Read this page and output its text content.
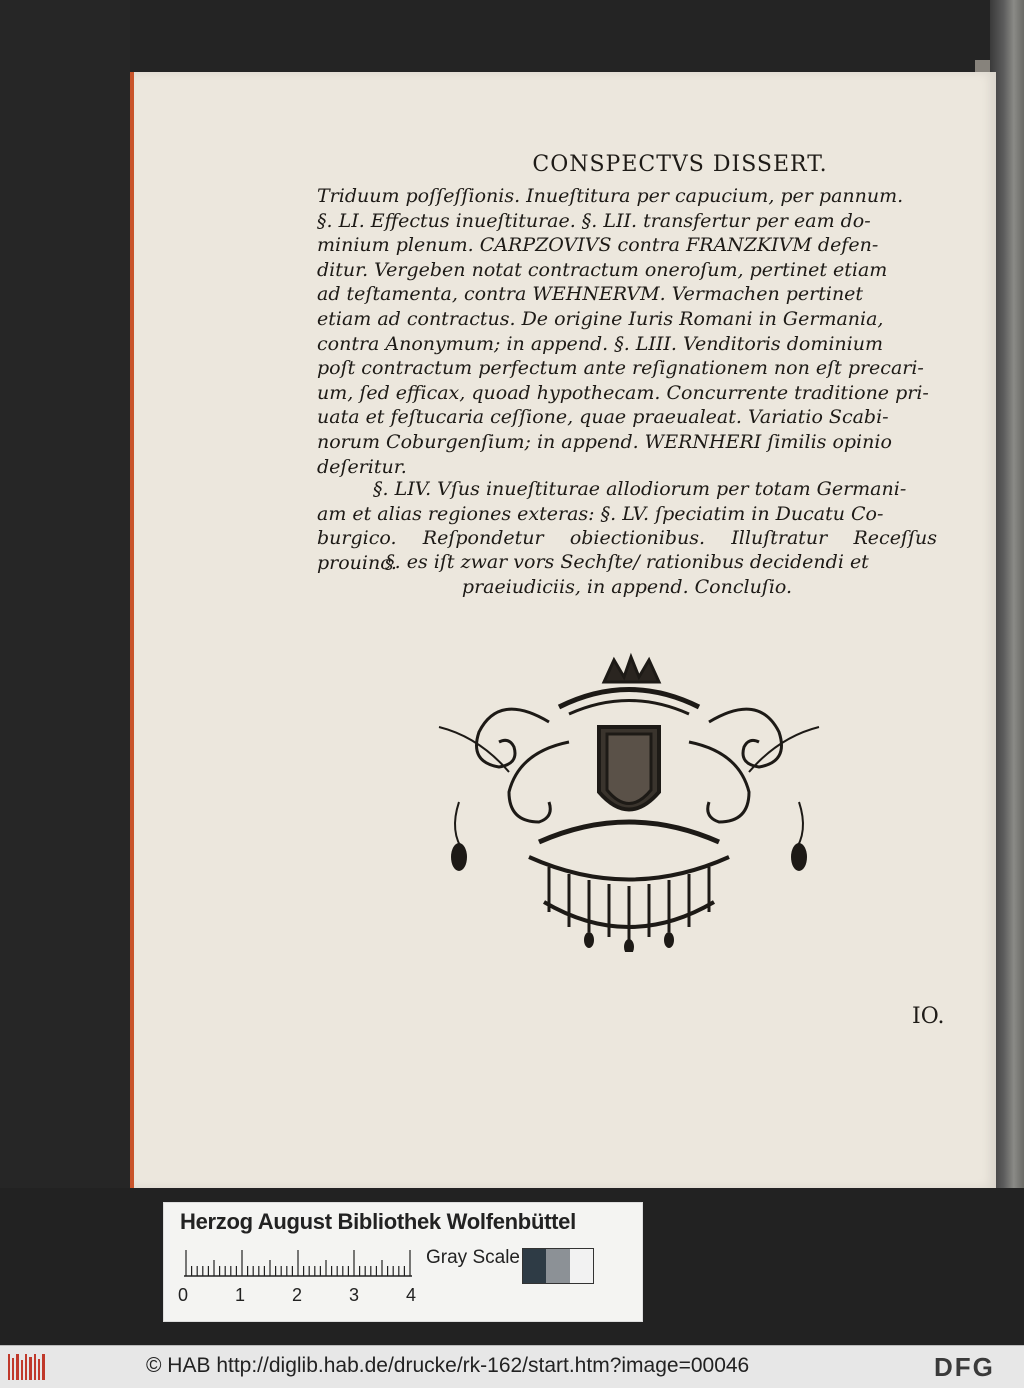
CONSPECTVS DISSERT.
Triduum poſſeſſionis. Inueſtitura per capucium, per pannum.
§. LI. Effectus inueſtiturae. §. LII. transfertur per eam do-
minium plenum. CARPZOVIVS contra FRANZKIVM defen-
ditur. Vergeben notat contractum oneroſum, pertinet etiam
ad teſtamenta, contra WEHNERVM. Vermachen pertinet
etiam ad contractus. De origine Iuris Romani in Germania,
contra Anonymum; in append. §. LIII. Venditoris dominium
poſt contractum perfectum ante reſignationem non eſt precari-
um, ſed efficax, quoad hypothecam. Concurrente traditione pri-
uata et feſtucaria ceſſione, quae praeualeat. Variatio Scabi-
norum Coburgenſium; in append. WERNHERI ſimilis opinio
deſeritur.
§. LIV. Vſus inueſtiturae allodiorum per totam Germani-
am et alias regiones exteras: §. LV. ſpeciatim in Ducatu Co-
burgico. Reſpondetur obiectionibus. Illuſtratur Receſſus prouinc.
§. es iſt zwar vors Sechſte/ rationibus decidendi et
praeiudiciis, in append. Concluſio.
IO.
Herzog August Bibliothek Wolfenbüttel
Gray Scale
0	1	2	3	4
© HAB http://diglib.hab.de/drucke/rk-162/start.htm?image=00046	DFG
